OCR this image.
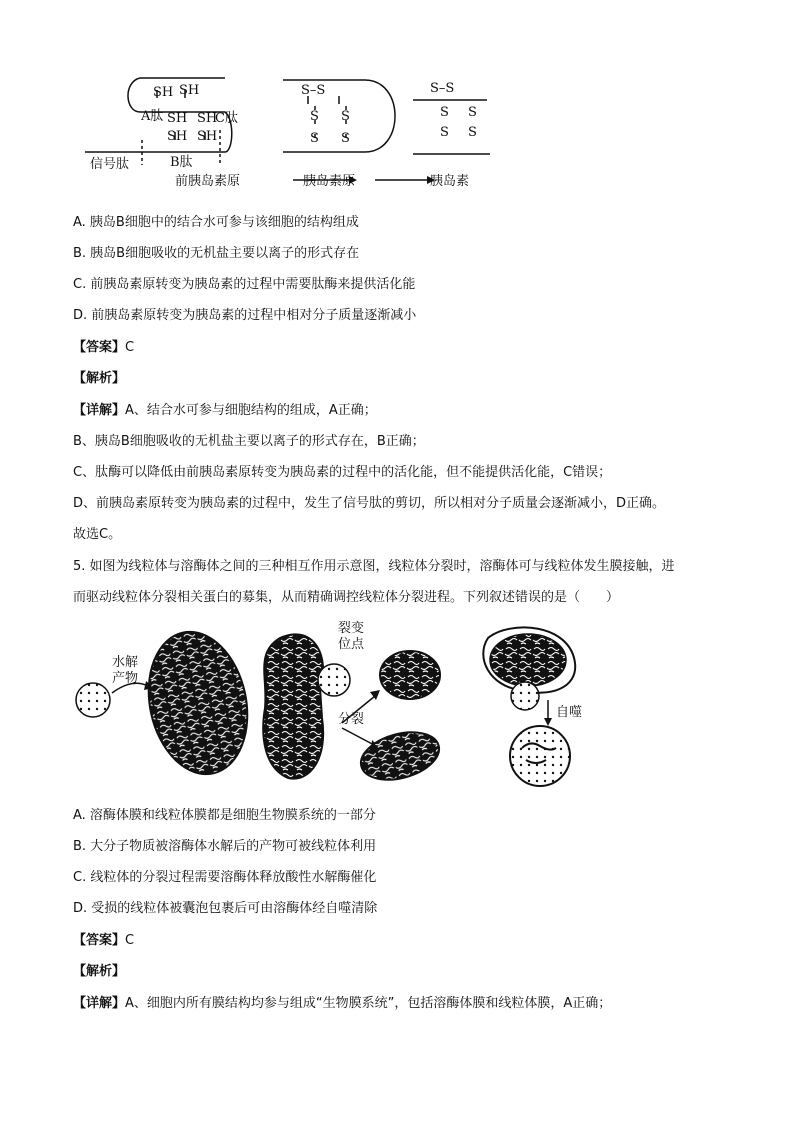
SH SH
A肽 SH SH
C肽
SH SH
信号肽	B肽
S–S
S S
S S
S–S
S S
S S
前胰岛素原	胰岛素原	胰岛素
A. 胰岛B细胞中的结合水可参与该细胞的结构组成
B. 胰岛B细胞吸收的无机盐主要以离子的形式存在
C. 前胰岛素原转变为胰岛素的过程中需要肽酶来提供活化能
D. 前胰岛素原转变为胰岛素的过程中相对分子质量逐渐减小
【答案】C
【解析】
【详解】A、结合水可参与细胞结构的组成，A正确；
B、胰岛B细胞吸收的无机盐主要以离子的形式存在，B正确；
C、肽酶可以降低由前胰岛素原转变为胰岛素的过程中的活化能，但不能提供活化能，C错误；
D、前胰岛素原转变为胰岛素的过程中，发生了信号肽的剪切，所以相对分子质量会逐渐减小，D正确。
故选C。
5. 如图为线粒体与溶酶体之间的三种相互作用示意图，线粒体分裂时，溶酶体可与线粒体发生膜接触，进
而驱动线粒体分裂相关蛋白的募集，从而精确调控线粒体分裂进程。下列叙述错误的是（　　）
水解
产物
裂变
位点
分裂	自噬
A. 溶酶体膜和线粒体膜都是细胞生物膜系统的一部分
B. 大分子物质被溶酶体水解后的产物可被线粒体利用
C. 线粒体的分裂过程需要溶酶体释放酸性水解酶催化
D. 受损的线粒体被囊泡包裹后可由溶酶体经自噬清除
【答案】C
【解析】
【详解】A、细胞内所有膜结构均参与组成“生物膜系统”，包括溶酶体膜和线粒体膜，A正确；
